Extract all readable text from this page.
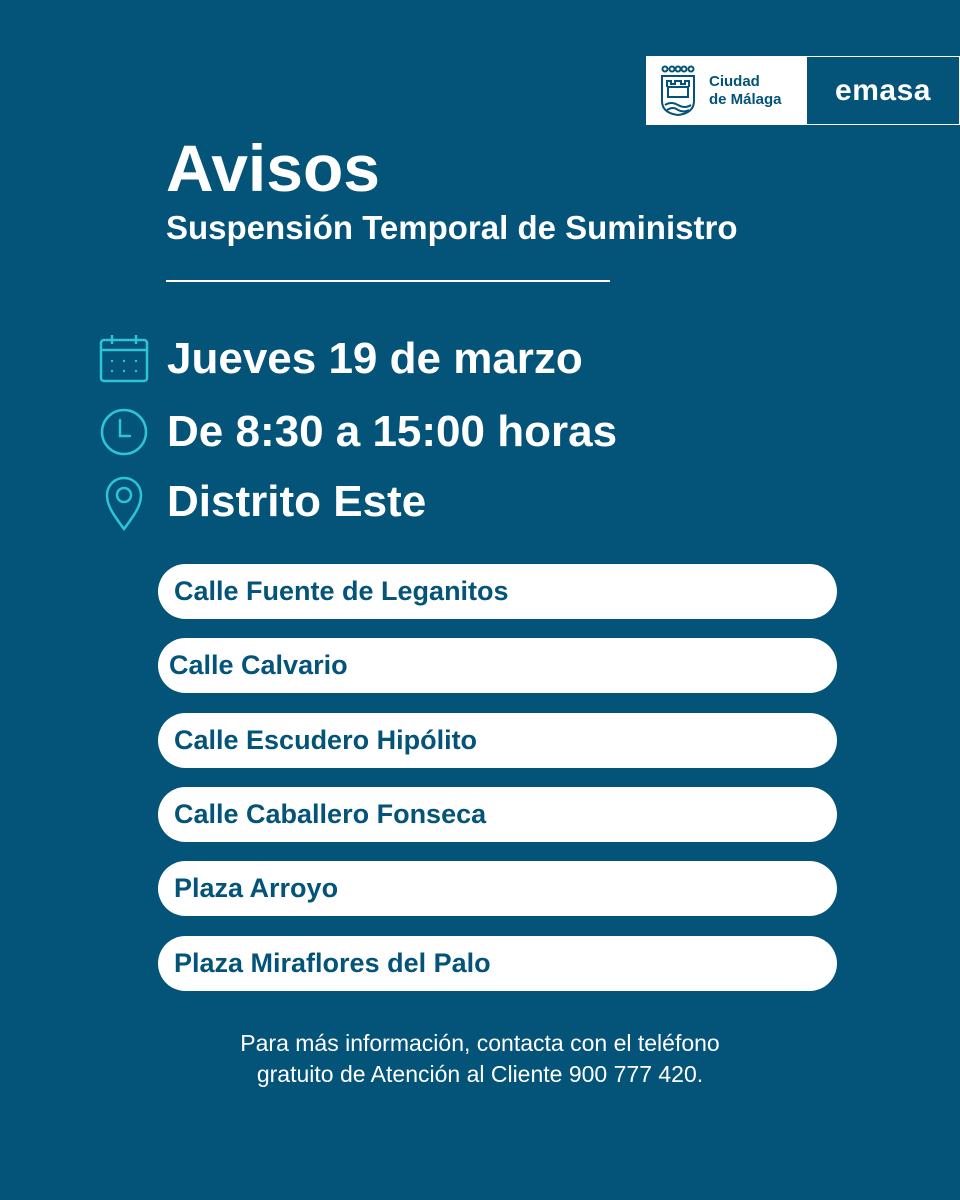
Ciudad
de Málaga	emasa
Avisos
Suspensión Temporal de Suministro
Jueves 19 de marzo
De 8:30 a 15:00 horas
Distrito Este
Calle Fuente de Leganitos
Calle Calvario
Calle Escudero Hipólito
Calle Caballero Fonseca
Plaza Arroyo
Plaza Miraflores del Palo
Para más información, contacta con el teléfono
gratuito de Atención al Cliente 900 777 420.
